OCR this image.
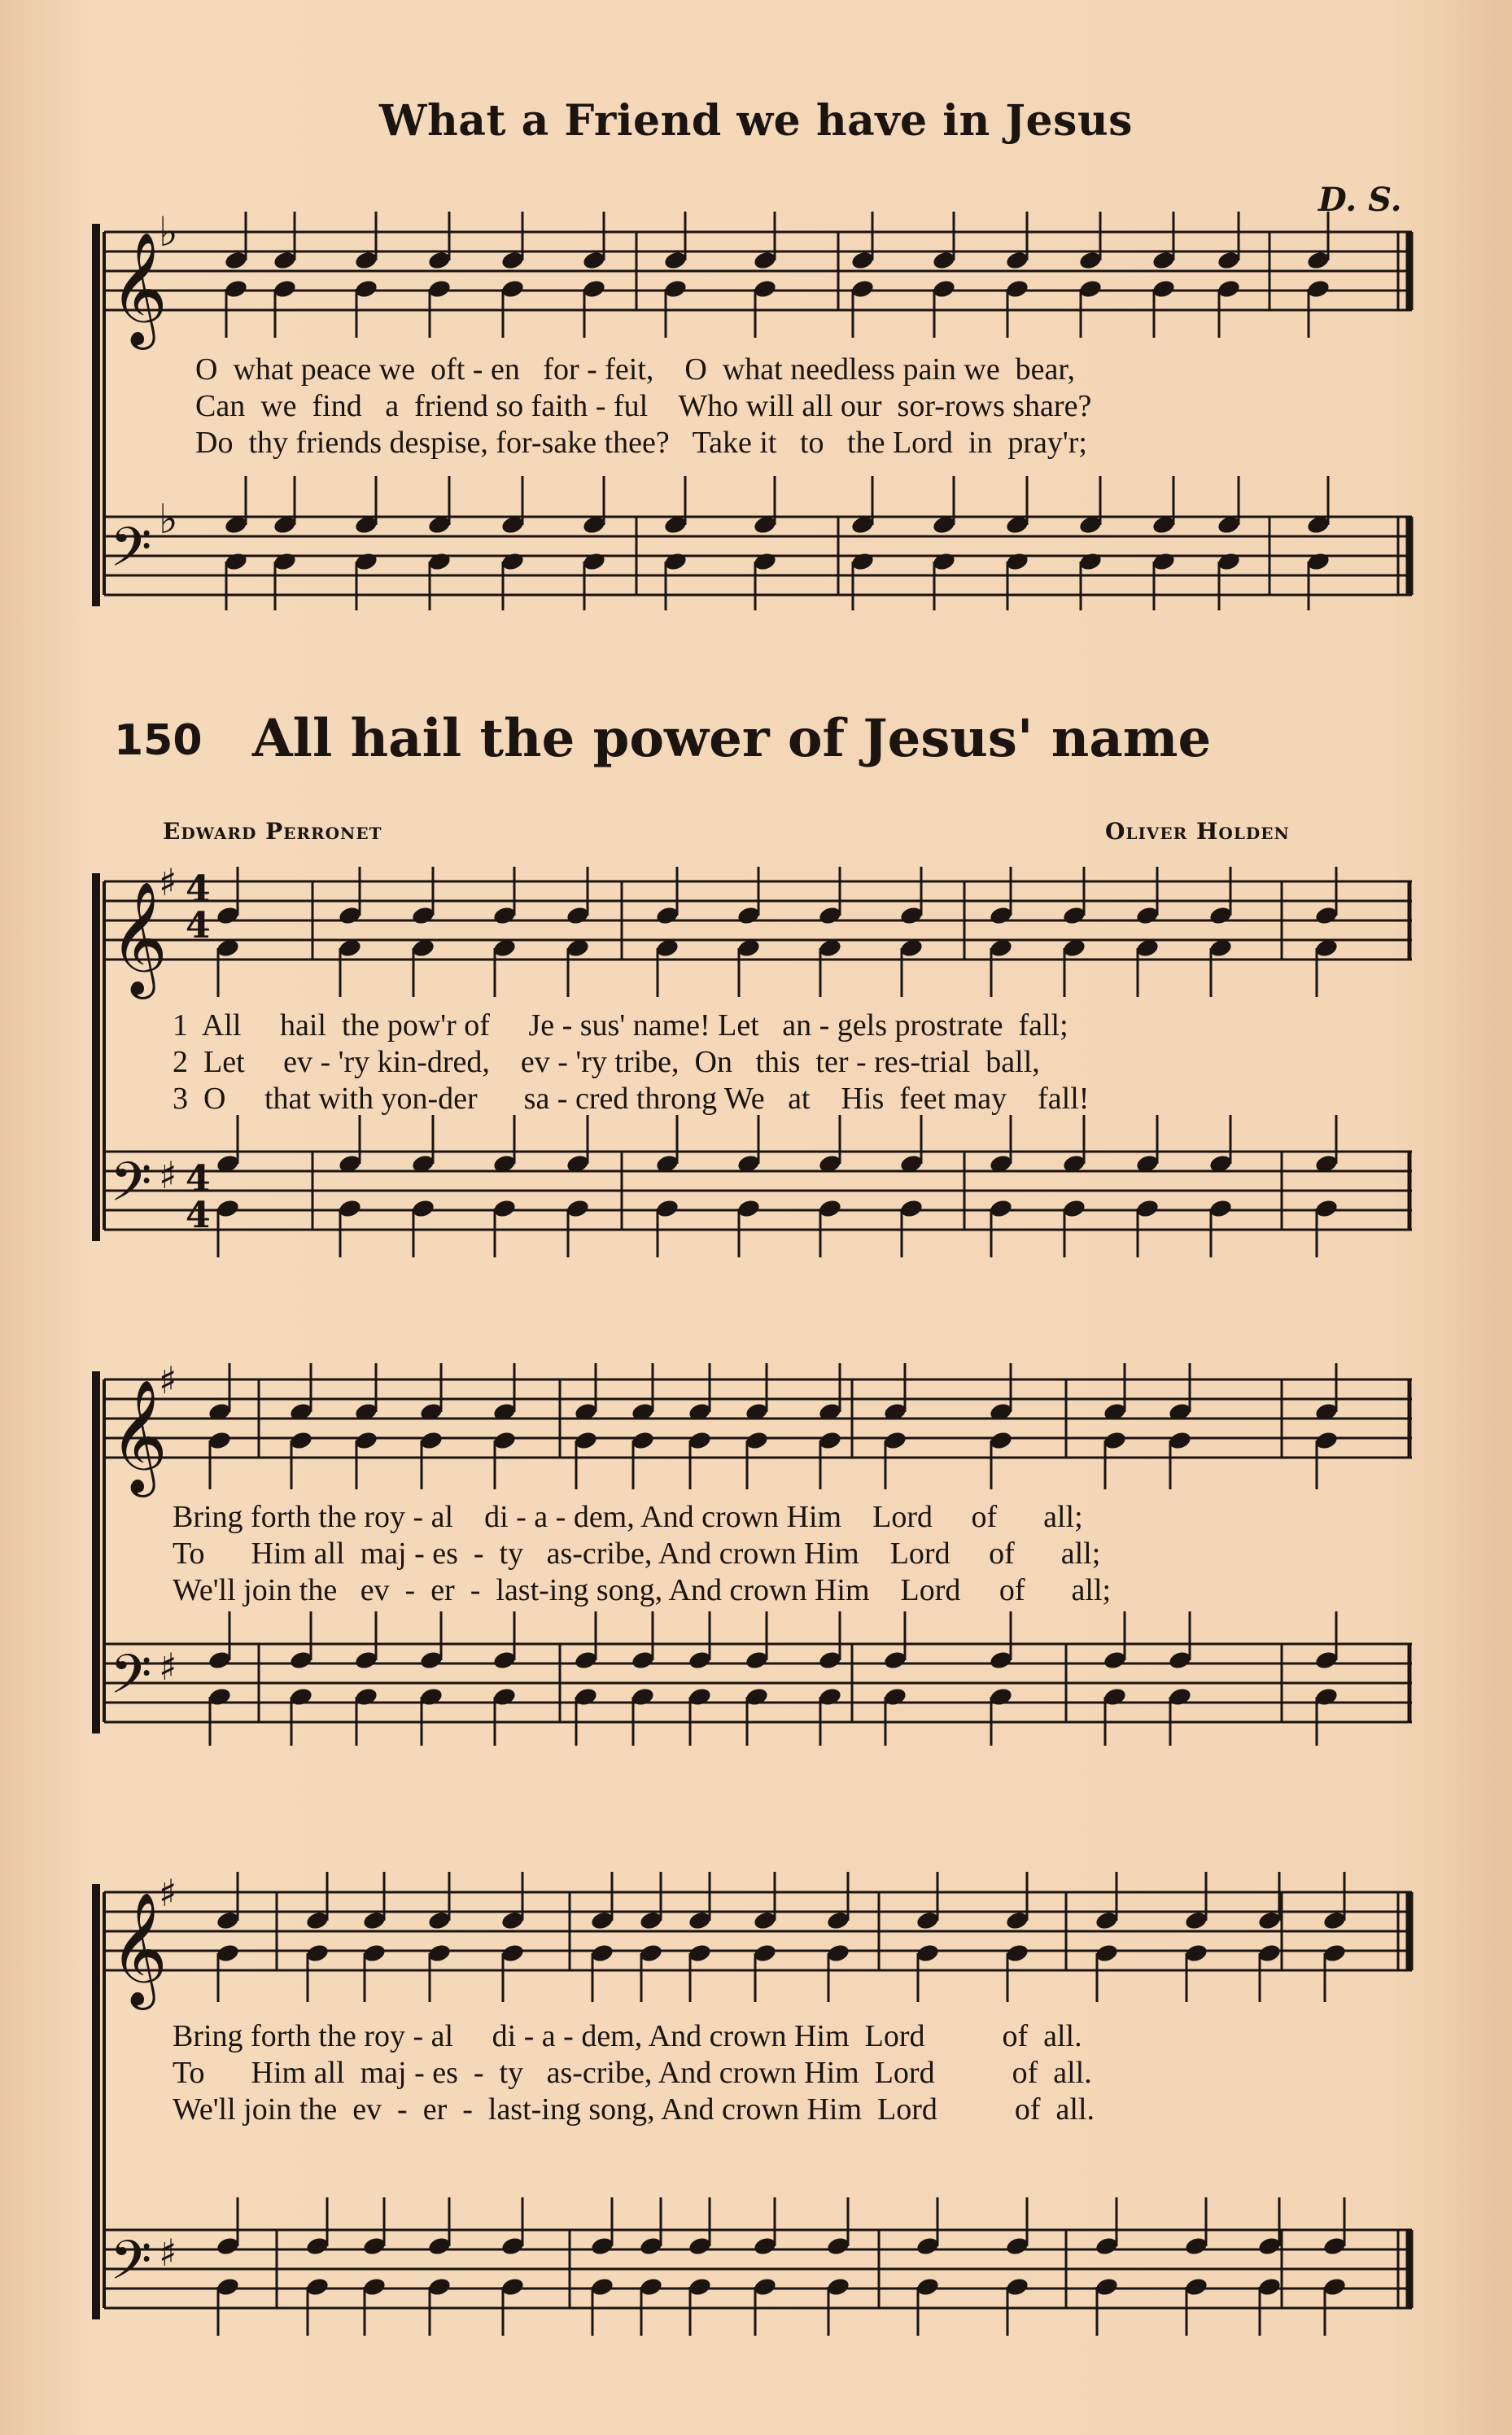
What a Friend we have in Jesus
D. S.
𝄞
𝄢
𝄞
𝄢
𝄞
𝄢
𝄞
𝄢
♭
♭
♯
♯
♯
♯
♯
♯
4
4
4
4
O  what peace we  oft - en   for - feit,    O  what needless pain we  bear,
Can  we  find   a  friend so faith - ful    Who will all our  sor-rows share?
Do  thy friends despise, for-sake thee?   Take it   to   the Lord  in  pray'r;
150 All hail the power of Jesus' name
Edward Perronet	Oliver Holden
1  All     hail  the pow'r of     Je - sus' name! Let   an - gels prostrate  fall;
2  Let     ev - 'ry kin-dred,    ev - 'ry tribe,  On   this  ter - res-trial  ball,
3  O     that with yon-der      sa - cred throng We   at    His  feet may    fall!
Bring forth the roy - al    di - a - dem, And crown Him    Lord     of      all;
To      Him all  maj - es  -  ty   as-cribe, And crown Him    Lord     of      all;
We'll join the   ev  -  er  -  last-ing song, And crown Him    Lord     of      all;
Bring forth the roy - al     di - a - dem, And crown Him  Lord          of  all.
To      Him all  maj - es  -  ty   as-cribe, And crown Him  Lord          of  all.
We'll join the  ev  -  er  -  last-ing song, And crown Him  Lord          of  all.
